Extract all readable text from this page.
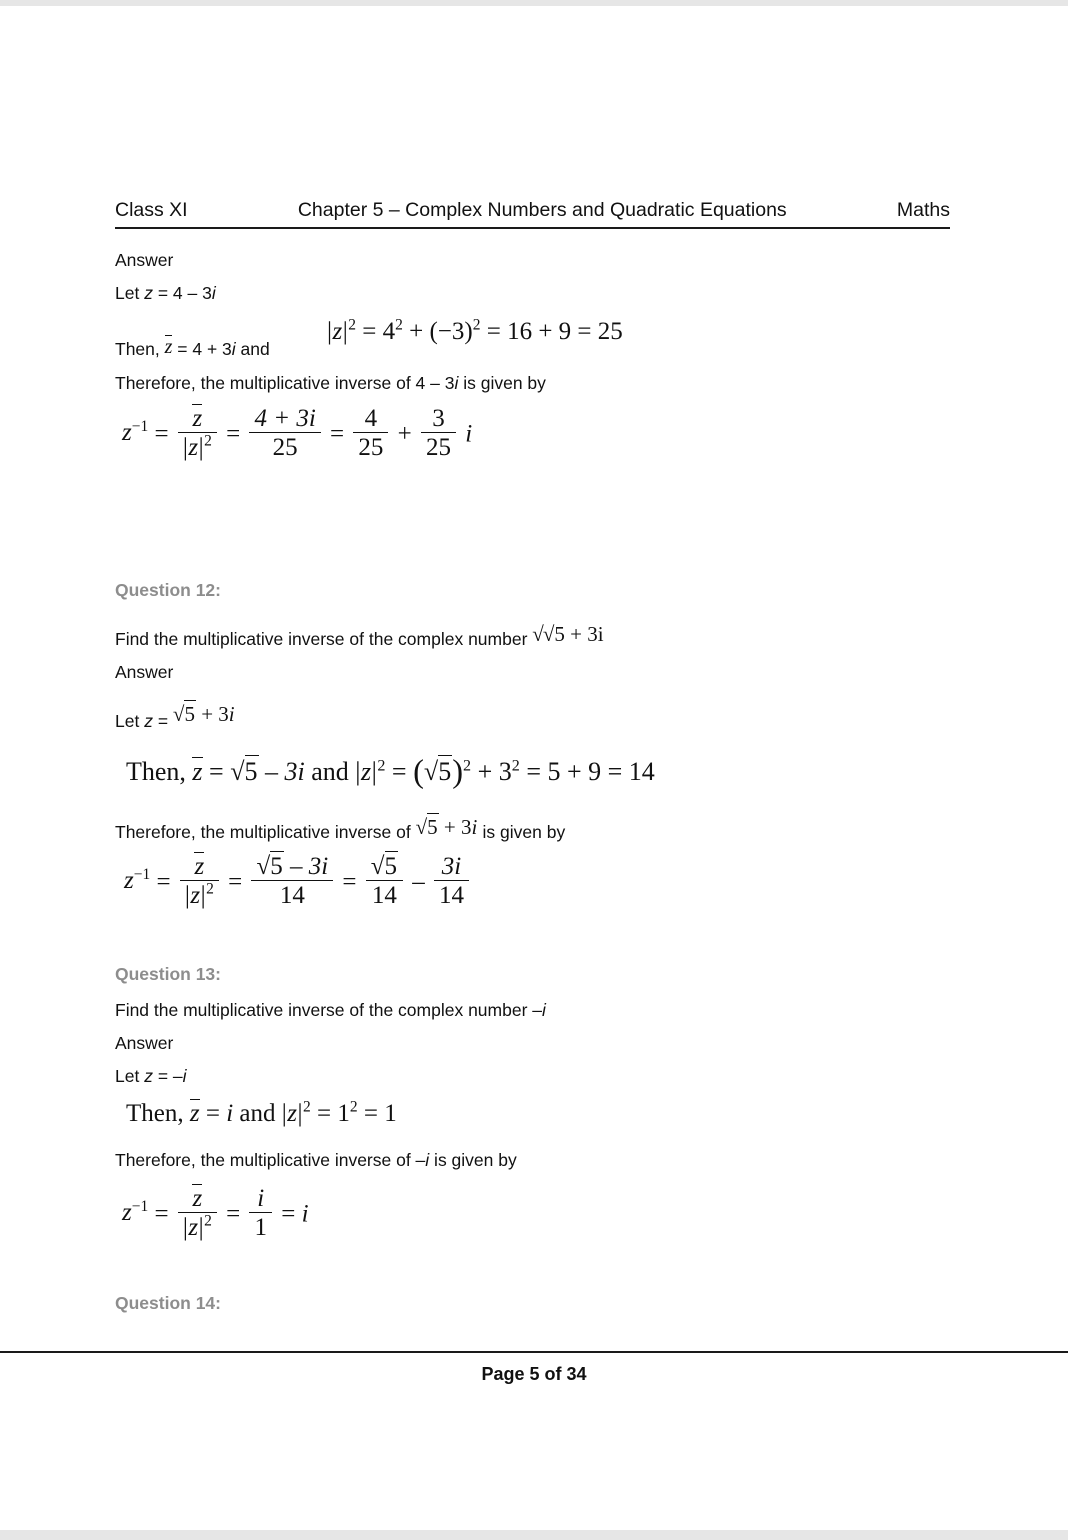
Class XI	Chapter 5 – Complex Numbers and Quadratic Equations	Maths
Answer
Let z = 4 – 3i
Then, z = 4 + 3i and
$|z|^2 = 4^2 + (-3)^2 = 16 + 9 = 25$
Therefore, the multiplicative inverse of 4 – 3i is given by
$z^{-1} = \frac{z}{|z|^2} = \frac{4 + 3i}{25} = \frac{4}{25} + \frac{3}{25}$ i
Question 12:
Find the multiplicative inverse of the complex number √√5 + 3i
Answer
Let z = √5 + 3i
Then, z = √5 – 3i and $|z|^2 = (√5)^2 + 3^2 = 5 + 9 = 14$
Therefore, the multiplicative inverse of √5 + 3i is given by
$z^{-1} = \frac{z}{|z|^2} = \frac{√5 - 3i}{14} = \frac{√5}{14} - \frac{3i}{14}$
Question 13:
Find the multiplicative inverse of the complex number –i
Answer
Let z = –i
Then, z = i and $|z|^2 = 1^2 = 1$
Therefore, the multiplicative inverse of –i is given by
$z^{-1} = \frac{z}{|z|^2} = \frac{i}{1} = i$
Question 14:
Page 5 of 34
